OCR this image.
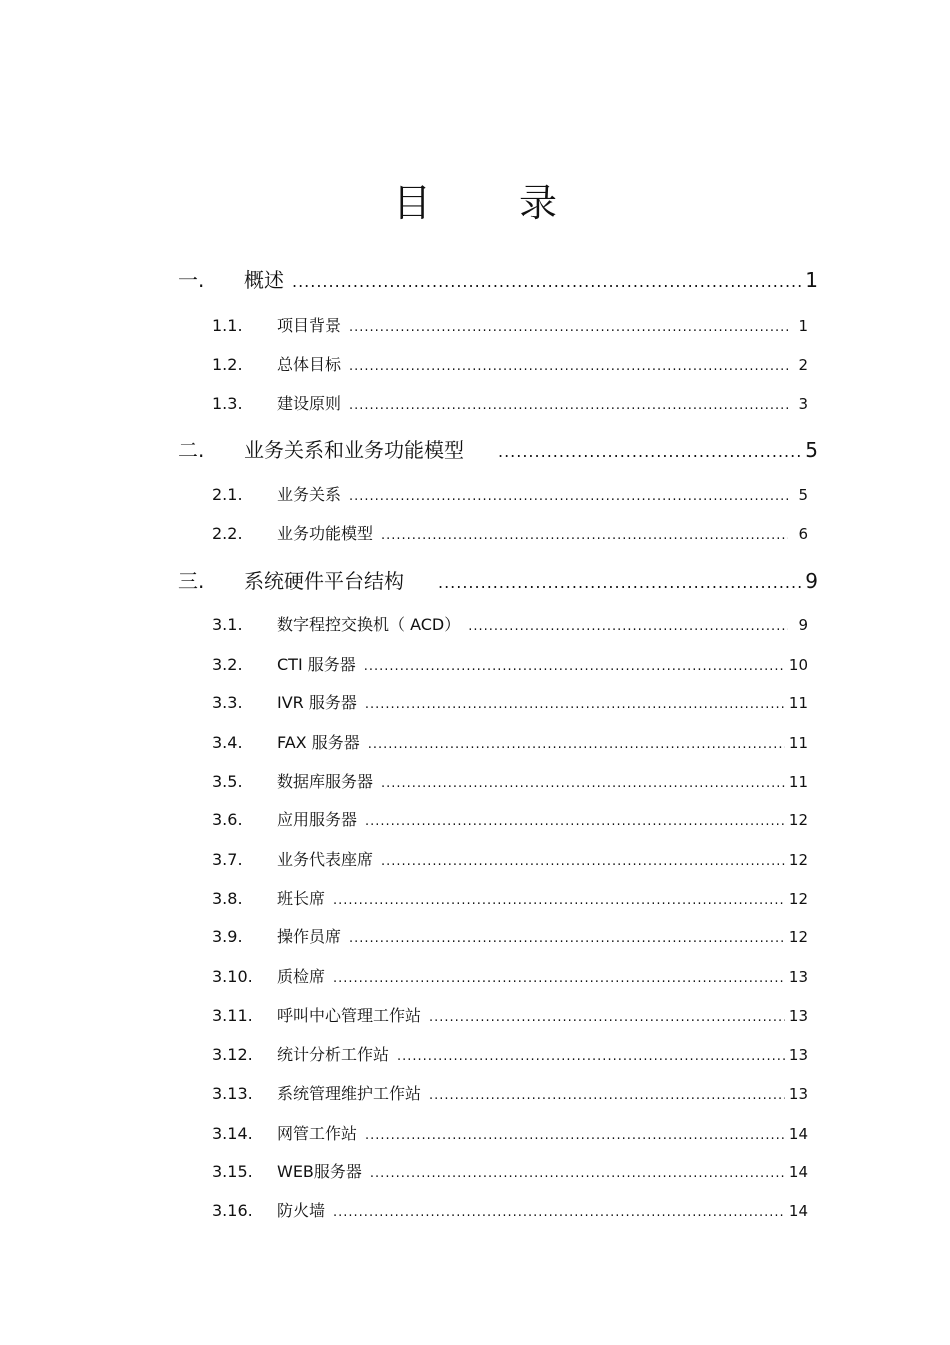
目 录
一.	概述 .....	1
1.1.	项目背景 .....	1
1.2.	总体目标 .....	2
1.3.	建设原则 .....	3
二.	业务关系和业务功能模型 .....	5
2.1.	业务关系 .....	5
2.2.	业务功能模型 .....	6
三.	系统硬件平台结构 .....	9
3.1.	数字程控交换机（ ACD） .....	9
3.2.	CTI 服务器 .....	10
3.3.	IVR 服务器 .....	11
3.4.	FAX 服务器 .....	11
3.5.	数据库服务器 .....	11
3.6.	应用服务器 .....	12
3.7.	业务代表座席 .....	12
3.8.	班长席 .....	12
3.9.	操作员席 .....	12
3.10.	质检席 .....	13
3.11.	呼叫中心管理工作站 .....	13
3.12.	统计分析工作站 .....	13
3.13.	系统管理维护工作站 .....	13
3.14.	网管工作站 .....	14
3.15.	WEB服务器 .....	14
3.16.	防火墙 .....	14
